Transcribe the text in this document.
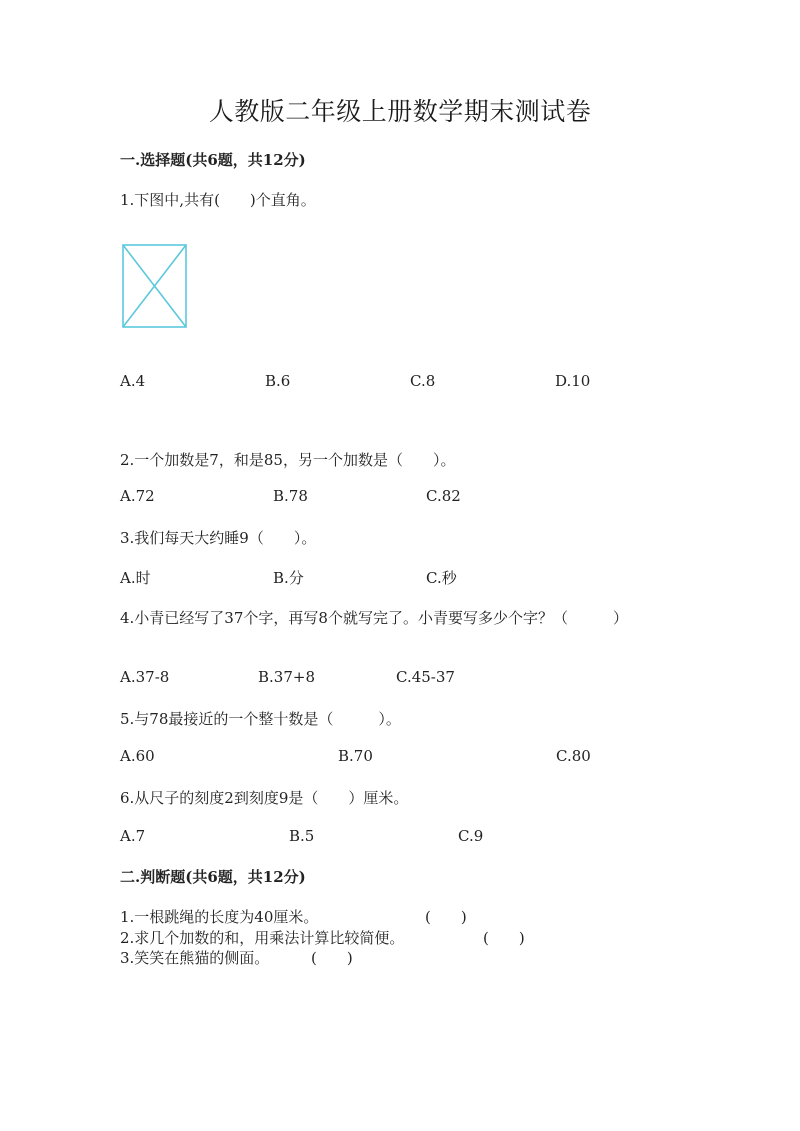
人教版二年级上册数学期末测试卷
一.选择题(共6题，共12分)
1.下图中,共有(　　)个直角。
A.4	B.6	C.8	D.10
2.一个加数是7，和是85，另一个加数是（　　）。
A.72	B.78	C.82
3.我们每天大约睡9（　　）。
A.时	B.分	C.秒
4.小青已经写了37个字，再写8个就写完了。小青要写多少个字？（　　　）
A.37-8	B.37+8	C.45-37
5.与78最接近的一个整十数是（　　　）。
A.60	B.70	C.80
6.从尺子的刻度2到刻度9是（　　）厘米。
A.7	B.5	C.9
二.判断题(共6题，共12分)
1.一根跳绳的长度为40厘米。	(　　)
2.求几个加数的和，用乘法计算比较简便。	(　　)
3.笑笑在熊猫的侧面。	(　　)
